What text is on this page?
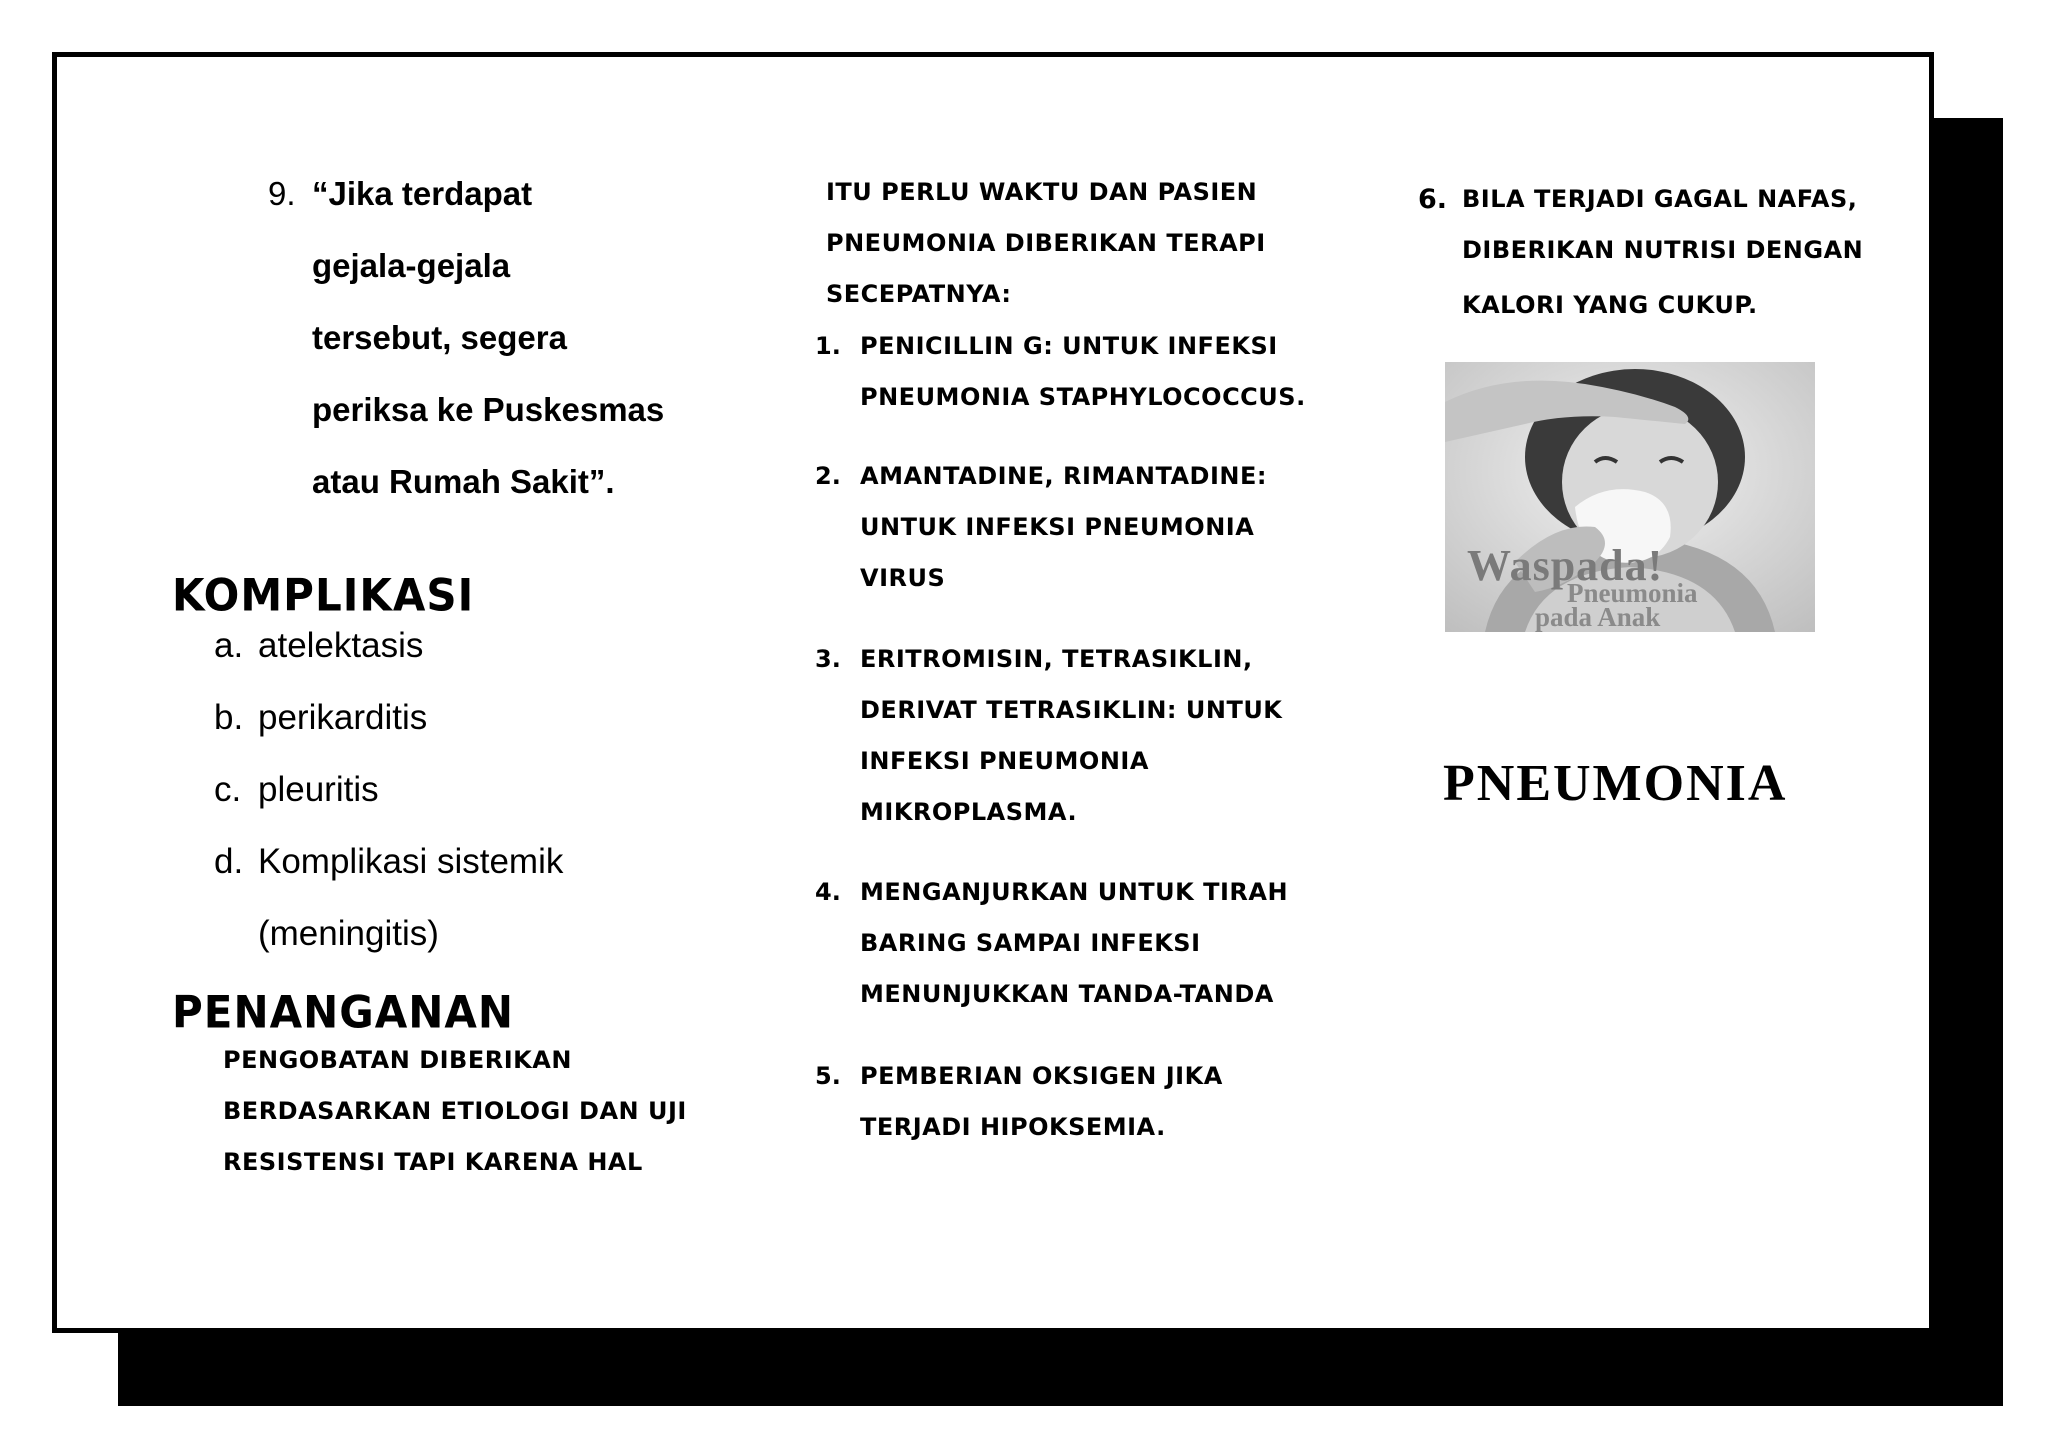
9. “Jika terdapat
gejala-gejala
tersebut, segera
periksa ke Puskesmas
atau Rumah Sakit”.
KOMPLIKASI
a. atelektasis
b. perikarditis
c. pleuritis
d. Komplikasi sistemik
(meningitis)
PENANGANAN
PENGOBATAN DIBERIKAN
BERDASARKAN ETIOLOGI DAN UJI
RESISTENSI TAPI KARENA HAL
ITU PERLU WAKTU DAN PASIEN
PNEUMONIA DIBERIKAN TERAPI
SECEPATNYA:
1. PENICILLIN G: UNTUK INFEKSI
PNEUMONIA STAPHYLOCOCCUS.
2. AMANTADINE, RIMANTADINE:
UNTUK INFEKSI PNEUMONIA
VIRUS
3. ERITROMISIN, TETRASIKLIN,
DERIVAT TETRASIKLIN: UNTUK
INFEKSI PNEUMONIA
MIKROPLASMA.
4. MENGANJURKAN UNTUK TIRAH
BARING SAMPAI INFEKSI
MENUNJUKKAN TANDA-TANDA
5. PEMBERIAN OKSIGEN JIKA
TERJADI HIPOKSEMIA.
6. BILA TERJADI GAGAL NAFAS,
DIBERIKAN NUTRISI DENGAN
KALORI YANG CUKUP.
Waspada!
Pneumonia
pada Anak
PNEUMONIA
